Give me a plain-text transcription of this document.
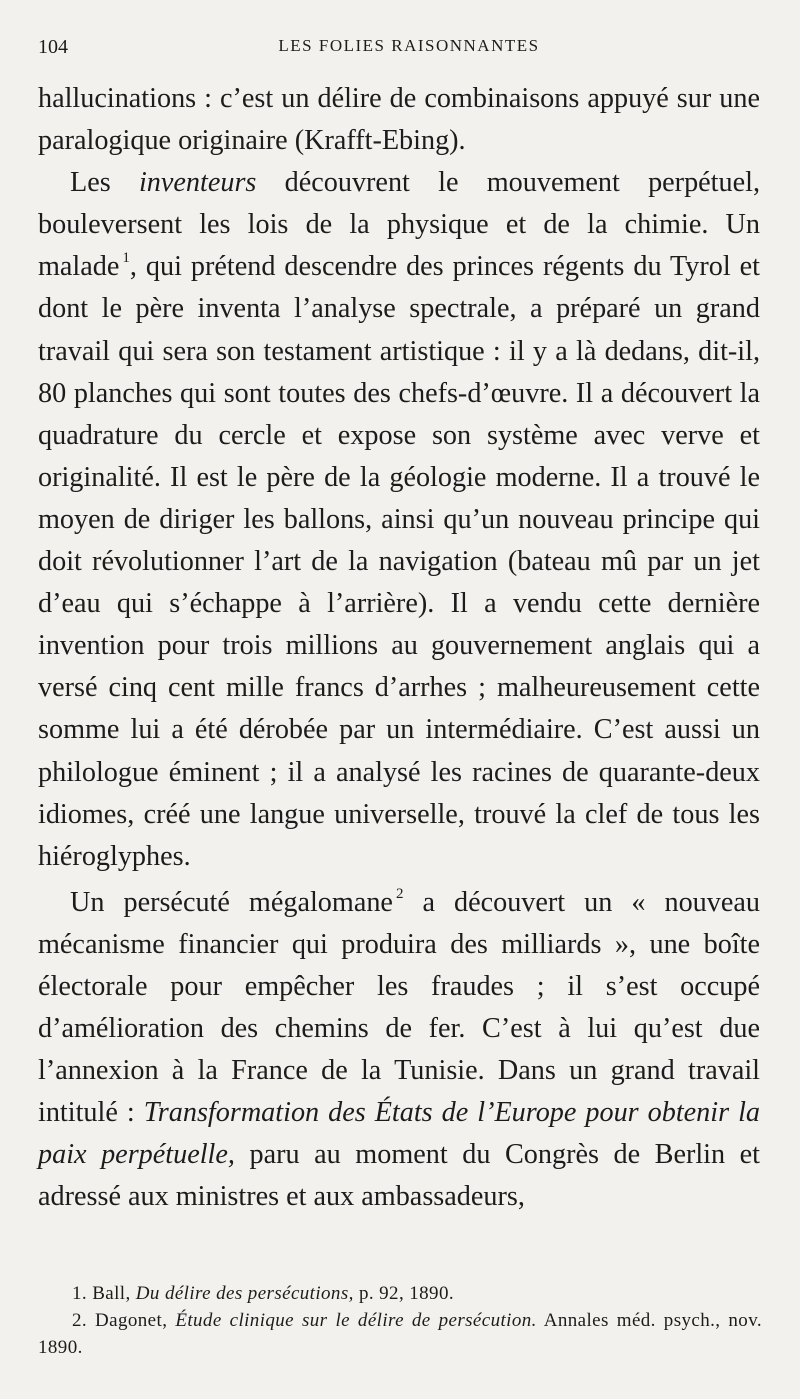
104	LES FOLIES RAISONNANTES

hallucinations : c’est un délire de combinaisons appuyé sur une paralogique originaire (Krafft-Ebing).

Les inventeurs découvrent le mouvement perpétuel, bouleversent les lois de la physique et de la chimie. Un malade $^1$, qui prétend descendre des princes régents du Tyrol et dont le père inventa l’analyse spectrale, a préparé un grand travail qui sera son testament artistique : il y a là dedans, dit-il, 80 planches qui sont toutes des chefs-d’œuvre. Il a découvert la quadrature du cercle et expose son système avec verve et originalité. Il est le père de la géologie moderne. Il a trouvé le moyen de diriger les ballons, ainsi qu’un nouveau principe qui doit révolutionner l’art de la navigation (bateau mû par un jet d’eau qui s’échappe à l’arrière). Il a vendu cette dernière invention pour trois millions au gouvernement anglais qui a versé cinq cent mille francs d’arrhes ; malheureusement cette somme lui a été dérobée par un intermédiaire. C’est aussi un philologue éminent ; il a analysé les racines de quarante-deux idiomes, créé une langue universelle, trouvé la clef de tous les hiéroglyphes.

Un persécuté mégalomane $^2$ a découvert un « nouveau mécanisme financier qui produira des milliards », une boîte électorale pour empêcher les fraudes ; il s’est occupé d’amélioration des chemins de fer. C’est à lui qu’est due l’annexion à la France de la Tunisie. Dans un grand travail intitulé : Transformation des États de l’Europe pour obtenir la paix perpétuelle, paru au moment du Congrès de Berlin et adressé aux ministres et aux ambassadeurs,

1. Ball, Du délire des persécutions, p. 92, 1890.

2. Dagonet, Étude clinique sur le délire de persécution. Annales méd. psych., nov. 1890.
